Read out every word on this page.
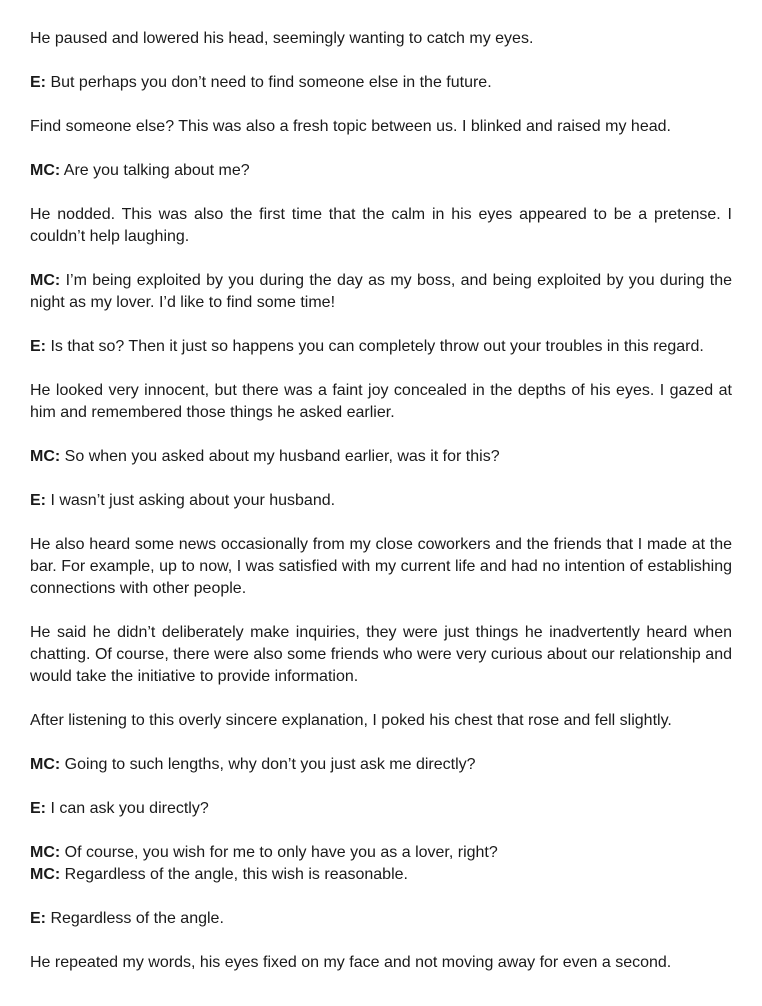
He paused and lowered his head, seemingly wanting to catch my eyes.

E: But perhaps you don’t need to find someone else in the future.

Find someone else? This was also a fresh topic between us. I blinked and raised my head.

MC: Are you talking about me?

He nodded. This was also the first time that the calm in his eyes appeared to be a pretense. I couldn’t help laughing.

MC: I’m being exploited by you during the day as my boss, and being exploited by you during the night as my lover. I’d like to find some time!

E: Is that so? Then it just so happens you can completely throw out your troubles in this regard.

He looked very innocent, but there was a faint joy concealed in the depths of his eyes. I gazed at him and remembered those things he asked earlier.

MC: So when you asked about my husband earlier, was it for this?

E: I wasn’t just asking about your husband.

He also heard some news occasionally from my close coworkers and the friends that I made at the bar. For example, up to now, I was satisfied with my current life and had no intention of establishing connections with other people.

He said he didn’t deliberately make inquiries, they were just things he inadvertently heard when chatting. Of course, there were also some friends who were very curious about our relationship and would take the initiative to provide information.

After listening to this overly sincere explanation, I poked his chest that rose and fell slightly.

MC: Going to such lengths, why don’t you just ask me directly?

E: I can ask you directly?

MC: Of course, you wish for me to only have you as a lover, right?
MC: Regardless of the angle, this wish is reasonable.

E: Regardless of the angle.

He repeated my words, his eyes fixed on my face and not moving away for even a second.
